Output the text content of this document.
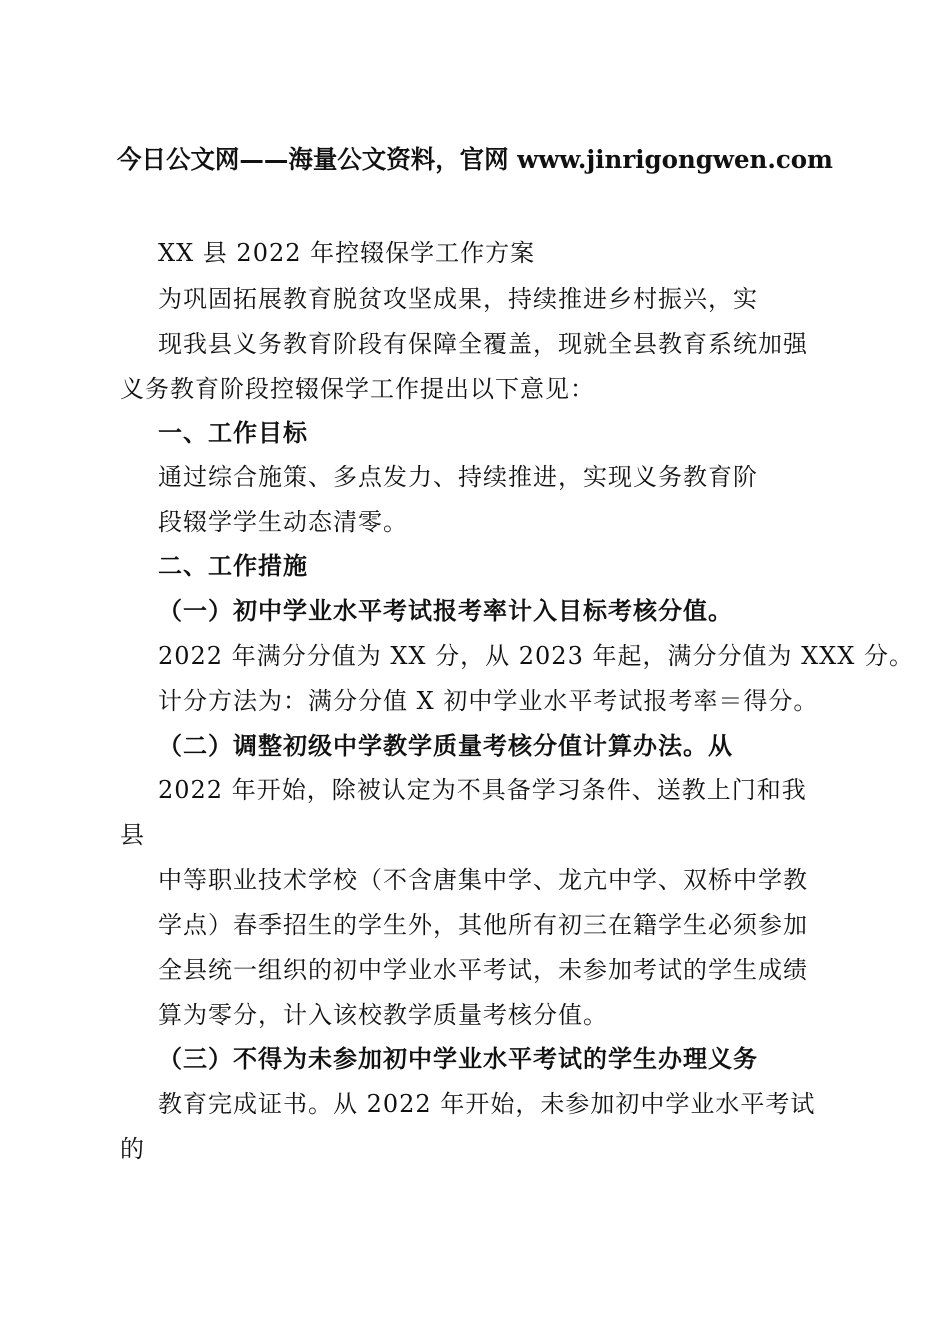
今日公文网——海量公文资料，官网 www.jinrigongwen.com
XX 县 2022 年控辍保学工作方案
为巩固拓展教育脱贫攻坚成果，持续推进乡村振兴，实
现我县义务教育阶段有保障全覆盖，现就全县教育系统加强
义务教育阶段控辍保学工作提出以下意见：
一、工作目标
通过综合施策、多点发力、持续推进，实现义务教育阶
段辍学学生动态清零。
二、工作措施
（一）初中学业水平考试报考率计入目标考核分值。
2022 年满分分值为 XX 分，从 2023 年起，满分分值为 XXX 分。
计分方法为：满分分值 X 初中学业水平考试报考率＝得分。
（二）调整初级中学教学质量考核分值计算办法。从
2022 年开始，除被认定为不具备学习条件、送教上门和我
县
中等职业技术学校（不含唐集中学、龙亢中学、双桥中学教
学点）春季招生的学生外，其他所有初三在籍学生必须参加
全县统一组织的初中学业水平考试，未参加考试的学生成绩
算为零分，计入该校教学质量考核分值。
（三）不得为未参加初中学业水平考试的学生办理义务
教育完成证书。从 2022 年开始，未参加初中学业水平考试
的
